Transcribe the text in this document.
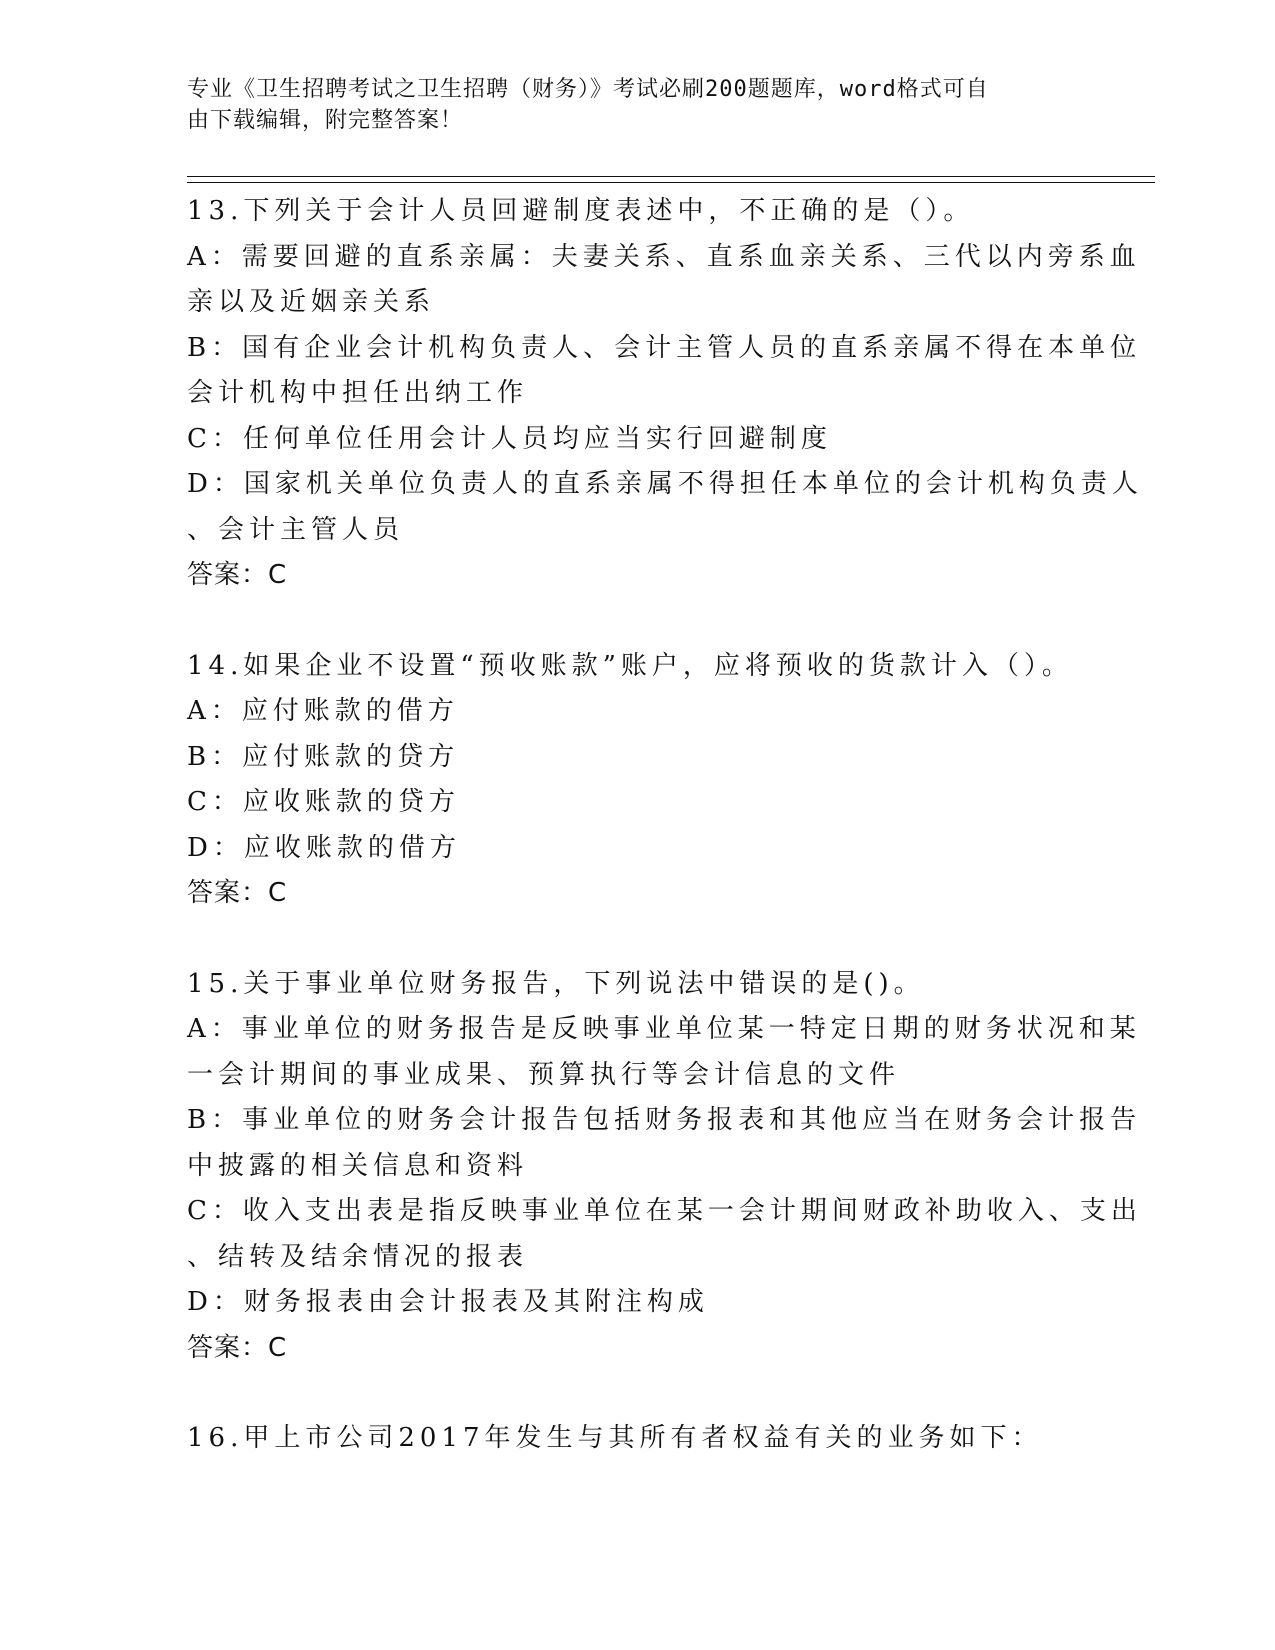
专业《卫生招聘考试之卫生招聘（财务）》考试必刷200题题库，word格式可自
由下载编辑，附完整答案！
13.下列关于会计人员回避制度表述中，不正确的是（）。
A：需要回避的直系亲属：夫妻关系、直系血亲关系、三代以内旁系血
亲以及近姻亲关系
B：国有企业会计机构负责人、会计主管人员的直系亲属不得在本单位
会计机构中担任出纳工作
C：任何单位任用会计人员均应当实行回避制度
D：国家机关单位负责人的直系亲属不得担任本单位的会计机构负责人
、会计主管人员
答案：C
14.如果企业不设置“预收账款”账户，应将预收的货款计入（）。
A：应付账款的借方
B：应付账款的贷方
C：应收账款的贷方
D：应收账款的借方
答案：C
15.关于事业单位财务报告，下列说法中错误的是()。
A：事业单位的财务报告是反映事业单位某一特定日期的财务状况和某
一会计期间的事业成果、预算执行等会计信息的文件
B：事业单位的财务会计报告包括财务报表和其他应当在财务会计报告
中披露的相关信息和资料
C：收入支出表是指反映事业单位在某一会计期间财政补助收入、支出
、结转及结余情况的报表
D：财务报表由会计报表及其附注构成
答案：C
16.甲上市公司2017年发生与其所有者权益有关的业务如下：
